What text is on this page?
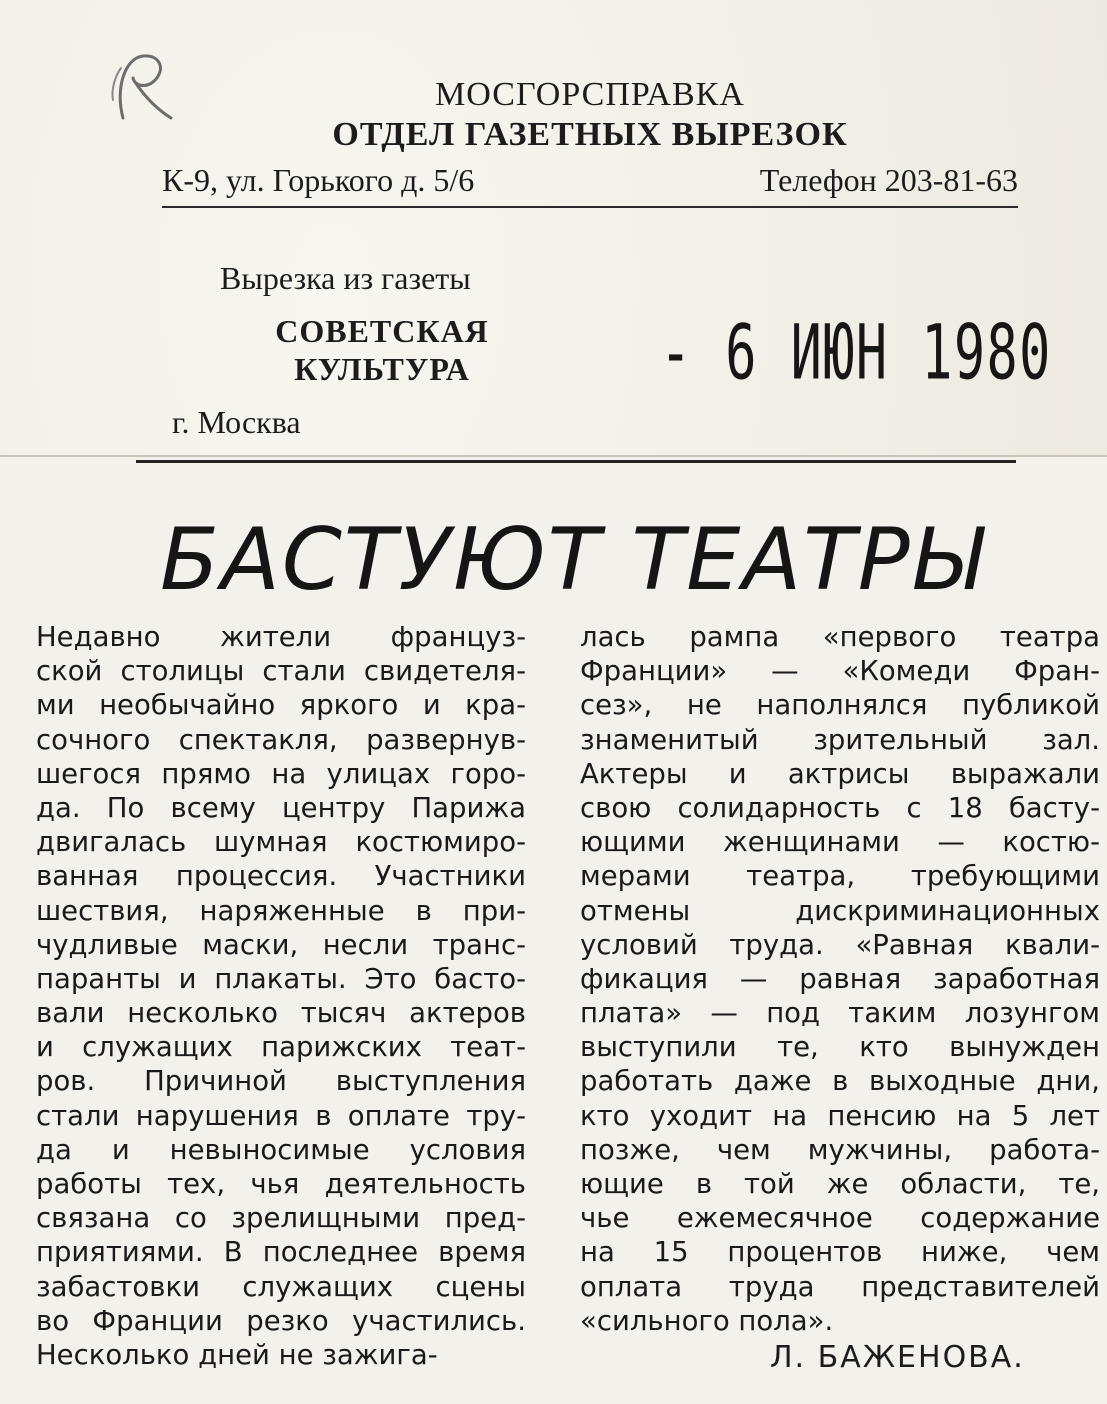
МОСГОРСПРАВКА
ОТДЕЛ ГАЗЕТНЫХ ВЫРЕЗОК
К-9, ул. Горького д. 5/6	Телефон 203-81-63
Вырезка из газеты
СОВЕТСКАЯ
КУЛЬТУРА
г. Москва
- 6 ИЮН 1980
БАСТУЮТ ТЕАТРЫ
Недавно жители француз-
ской столицы стали свидетеля-
ми необычайно яркого и кра-
сочного спектакля, развернув-
шегося прямо на улицах горо-
да. По всему центру Парижа
двигалась шумная костюмиро-
ванная процессия. Участники
шествия, наряженные в при-
чудливые маски, несли транс-
паранты и плакаты. Это басто-
вали несколько тысяч актеров
и служащих парижских теат-
ров. Причиной выступления
стали нарушения в оплате тру-
да и невыносимые условия
работы тех, чья деятельность
связана со зрелищными пред-
приятиями. В последнее время
забастовки служащих сцены
во Франции резко участились.
Несколько дней не зажига-
лась рампа «первого театра
Франции» — «Комеди Фран-
сез», не наполнялся публикой
знаменитый зрительный зал.
Актеры и актрисы выражали
свою солидарность с 18 басту-
ющими женщинами — костю-
мерами театра, требующими
отмены дискриминационных
условий труда. «Равная квали-
фикация — равная заработная
плата» — под таким лозунгом
выступили те, кто вынужден
работать даже в выходные дни,
кто уходит на пенсию на 5 лет
позже, чем мужчины, работа-
ющие в той же области, те,
чье ежемесячное содержание
на 15 процентов ниже, чем
оплата труда представителей
«сильного пола».
Л. БАЖЕНОВА.
